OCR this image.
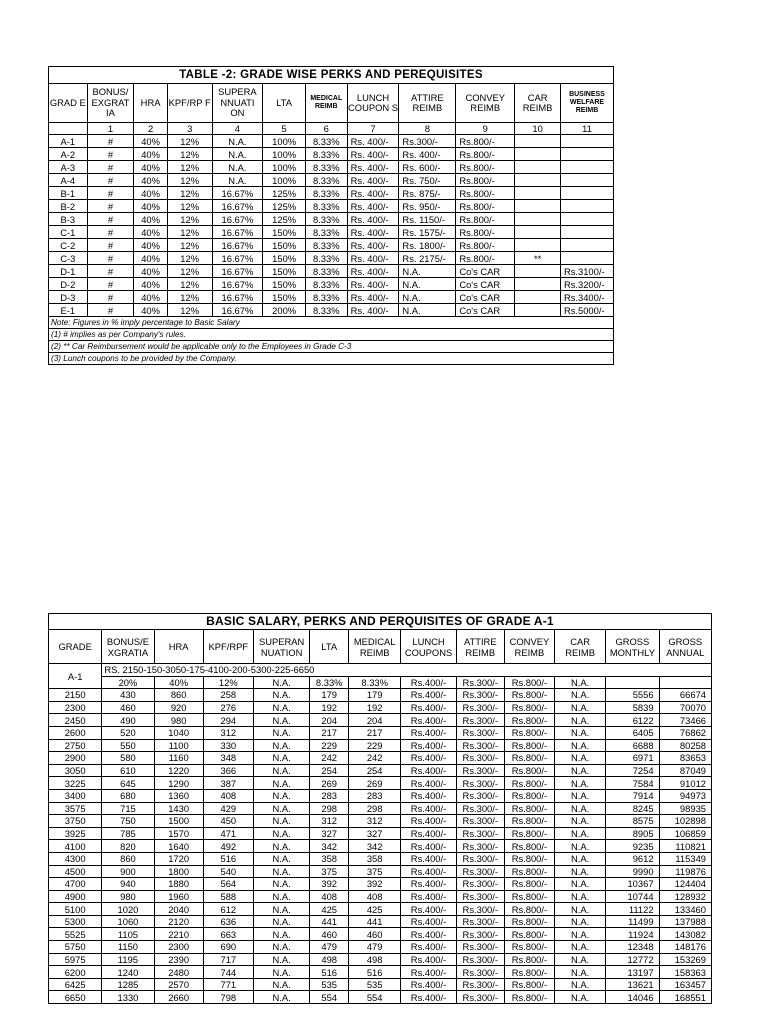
TABLE -2: GRADE WISE PERKS AND PEREQUISITES											
GRAD E	BONUS/ EXGRAT IA	HRA	KPF/RP F	SUPERA NNUATI ON	LTA	MEDICAL REIMB	LUNCH COUPON S	ATTIRE REIMB	CONVEY REIMB	CAR REIMB	BUSINESS WELFARE REIMB
	1	2	3	4	5	6	7	8	9	10	11
A-1	#	40%	12%	N.A.	100%	8.33%	Rs. 400/-	Rs.300/-	Rs.800/-		
A-2	#	40%	12%	N.A.	100%	8.33%	Rs. 400/-	Rs. 400/-	Rs.800/-		
A-3	#	40%	12%	N.A.	100%	8.33%	Rs. 400/-	Rs. 600/-	Rs.800/-		
A-4	#	40%	12%	N.A.	100%	8.33%	Rs. 400/-	Rs. 750/-	Rs.800/-		
B-1	#	40%	12%	16.67%	125%	8.33%	Rs. 400/-	Rs. 875/-	Rs.800/-		
B-2	#	40%	12%	16.67%	125%	8.33%	Rs. 400/-	Rs. 950/-	Rs.800/-		
B-3	#	40%	12%	16.67%	125%	8.33%	Rs. 400/-	Rs. 1150/-	Rs.800/-		
C-1	#	40%	12%	16.67%	150%	8.33%	Rs. 400/-	Rs. 1575/-	Rs.800/-		
C-2	#	40%	12%	16.67%	150%	8.33%	Rs. 400/-	Rs. 1800/-	Rs.800/-		
C-3	#	40%	12%	16.67%	150%	8.33%	Rs. 400/-	Rs. 2175/-	Rs.800/-	**	
D-1	#	40%	12%	16.67%	150%	8.33%	Rs. 400/-	N.A.	Co's CAR		Rs.3100/-
D-2	#	40%	12%	16.67%	150%	8.33%	Rs. 400/-	N.A.	Co's CAR		Rs.3200/-
D-3	#	40%	12%	16.67%	150%	8.33%	Rs. 400/-	N.A.	Co's CAR		Rs.3400/-
E-1	#	40%	12%	16.67%	200%	8.33%	Rs. 400/-	N.A.	Co's CAR		Rs.5000/-
Note: Figures in % imply percentage to Basic Salary											
(1) # implies as per Company's rules.											
(2) ** Car Reimbursement would be applicable only to the Employees in Grade C-3											
(3) Lunch coupons to be provided by the Company.											
BASIC SALARY, PERKS AND PERQUISITES OF GRADE A-1												
GRADE	BONUS/E XGRATIA	HRA	KPF/RPF	SUPERAN NUATION	LTA	MEDICAL REIMB	LUNCH COUPONS	ATTIRE REIMB	CONVEY REIMB	CAR REIMB	GROSS MONTHLY	GROSS ANNUAL
A-1	RS. 2150-150-3050-175-4100-200-5300-225-6650											
	20%	40%	12%	N.A.	8.33%	8.33%	Rs.400/-	Rs.300/-	Rs.800/-	N.A.		
2150	430	860	258	N.A.	179	179	Rs.400/-	Rs.300/-	Rs.800/-	N.A.	5556	66674
2300	460	920	276	N.A.	192	192	Rs.400/-	Rs.300/-	Rs.800/-	N.A.	5839	70070
2450	490	980	294	N.A.	204	204	Rs.400/-	Rs.300/-	Rs.800/-	N.A.	6122	73466
2600	520	1040	312	N.A.	217	217	Rs.400/-	Rs.300/-	Rs.800/-	N.A.	6405	76862
2750	550	1100	330	N.A.	229	229	Rs.400/-	Rs.300/-	Rs.800/-	N.A.	6688	80258
2900	580	1160	348	N.A.	242	242	Rs.400/-	Rs.300/-	Rs.800/-	N.A.	6971	83653
3050	610	1220	366	N.A.	254	254	Rs.400/-	Rs.300/-	Rs.800/-	N.A.	7254	87049
3225	645	1290	387	N.A.	269	269	Rs.400/-	Rs.300/-	Rs.800/-	N.A.	7584	91012
3400	680	1360	408	N.A.	283	283	Rs.400/-	Rs.300/-	Rs.800/-	N.A.	7914	94973
3575	715	1430	429	N.A.	298	298	Rs.400/-	Rs.300/-	Rs.800/-	N.A.	8245	98935
3750	750	1500	450	N.A.	312	312	Rs.400/-	Rs.300/-	Rs.800/-	N.A.	8575	102898
3925	785	1570	471	N.A.	327	327	Rs.400/-	Rs.300/-	Rs.800/-	N.A.	8905	106859
4100	820	1640	492	N.A.	342	342	Rs.400/-	Rs.300/-	Rs.800/-	N.A.	9235	110821
4300	860	1720	516	N.A.	358	358	Rs.400/-	Rs.300/-	Rs.800/-	N.A.	9612	115349
4500	900	1800	540	N.A.	375	375	Rs.400/-	Rs.300/-	Rs.800/-	N.A.	9990	119876
4700	940	1880	564	N.A.	392	392	Rs.400/-	Rs.300/-	Rs.800/-	N.A.	10367	124404
4900	980	1960	588	N.A.	408	408	Rs.400/-	Rs.300/-	Rs.800/-	N.A.	10744	128932
5100	1020	2040	612	N.A.	425	425	Rs.400/-	Rs.300/-	Rs.800/-	N.A.	11122	133460
5300	1060	2120	636	N.A.	441	441	Rs.400/-	Rs.300/-	Rs.800/-	N.A.	11499	137988
5525	1105	2210	663	N.A.	460	460	Rs.400/-	Rs.300/-	Rs.800/-	N.A.	11924	143082
5750	1150	2300	690	N.A.	479	479	Rs.400/-	Rs.300/-	Rs.800/-	N.A.	12348	148176
5975	1195	2390	717	N.A.	498	498	Rs.400/-	Rs.300/-	Rs.800/-	N.A.	12772	153269
6200	1240	2480	744	N.A.	516	516	Rs.400/-	Rs.300/-	Rs.800/-	N.A.	13197	158363
6425	1285	2570	771	N.A.	535	535	Rs.400/-	Rs.300/-	Rs.800/-	N.A.	13621	163457
6650	1330	2660	798	N.A.	554	554	Rs.400/-	Rs.300/-	Rs.800/-	N.A.	14046	168551
